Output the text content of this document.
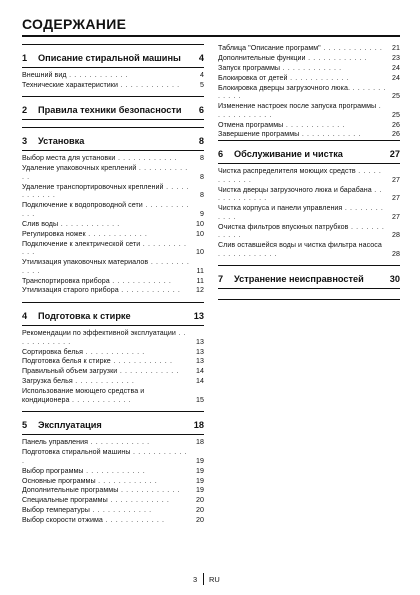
СОДЕРЖАНИЕ
1	Описание стиральной машины	4
Внешний вид . . . . . . . . . . . .	4
Технические характеристики . . . . . . . . . . . .	5
2	Правила техники безопасности	6
3	Установка	8
Выбор места для установки . . . . . . . . . . . .	8
Удаление упаковочных креплений . . . . . . . . . . . .	8
Удаление транспортировочных креплений . . . . . . . . . . . .	8
Подключение к водопроводной сети . . . . . . . . . . . .	9
Слив воды . . . . . . . . . . . .	10
Регулировка ножек . . . . . . . . . . . .	10
Подключение к электрической сети . . . . . . . . . . . .	10
Утилизация упаковочных материалов . . . . . . . . . . . .	11
Транспортировка прибора . . . . . . . . . . . .	11
Утилизация старого прибора . . . . . . . . . . . . 12
4	Подготовка к стирке	13
Рекомендации по эффективной эксплуатации . . . . . . . . . . . .	13
Сортировка белья . . . . . . . . . . . .	13
Подготовка белья к стирке . . . . . . . . . . . .	13
Правильный объем загрузки . . . . . . . . . . . . 14
Загрузка белья . . . . . . . . . . . .	14
Использование моющего средства и кондиционера . . . . . . . . . . . .	15
5	Эксплуатация	18
Панель управления . . . . . . . . . . . .	18
Подготовка стиральной машины . . . . . . . . . . . .	19
Выбор программы . . . . . . . . . . . .	19
Основные программы . . . . . . . . . . . .	19
Дополнительные программы . . . . . . . . . . . . 19
Специальные программы . . . . . . . . . . . .	20
Выбор температуры . . . . . . . . . . . .	20
Выбор скорости отжима . . . . . . . . . . . .	20
Таблица "Описание программ" . . . . . . . . . . . . 21
Дополнительные функции . . . . . . . . . . . .	23
Запуск программы . . . . . . . . . . . .	24
Блокировка от детей . . . . . . . . . . . .	24
Блокировка дверцы загрузочного люка. . . . . . . . . . . . .	25
Изменение настроек после запуска программы . . . . . . . . . . . .	25
Отмена программы . . . . . . . . . . . .	26
Завершение программы . . . . . . . . . . . .	26
6	Обслуживание и чистка	27
Чистка распределителя моющих средств . . . . . . . . . . . .	27
Чистка дверцы загрузочного люка и барабана . . . . . . . . . . . .	27
Чистка корпуса и панели управления . . . . . . . . . . . .	27
Очистка фильтров впускных патрубков . . . . . . . . . . . .	28
Слив оставшейся воды и чистка фильтра насоса . . . . . . . . . . . .	28
7	Устранение неисправностей	30
3 RU
